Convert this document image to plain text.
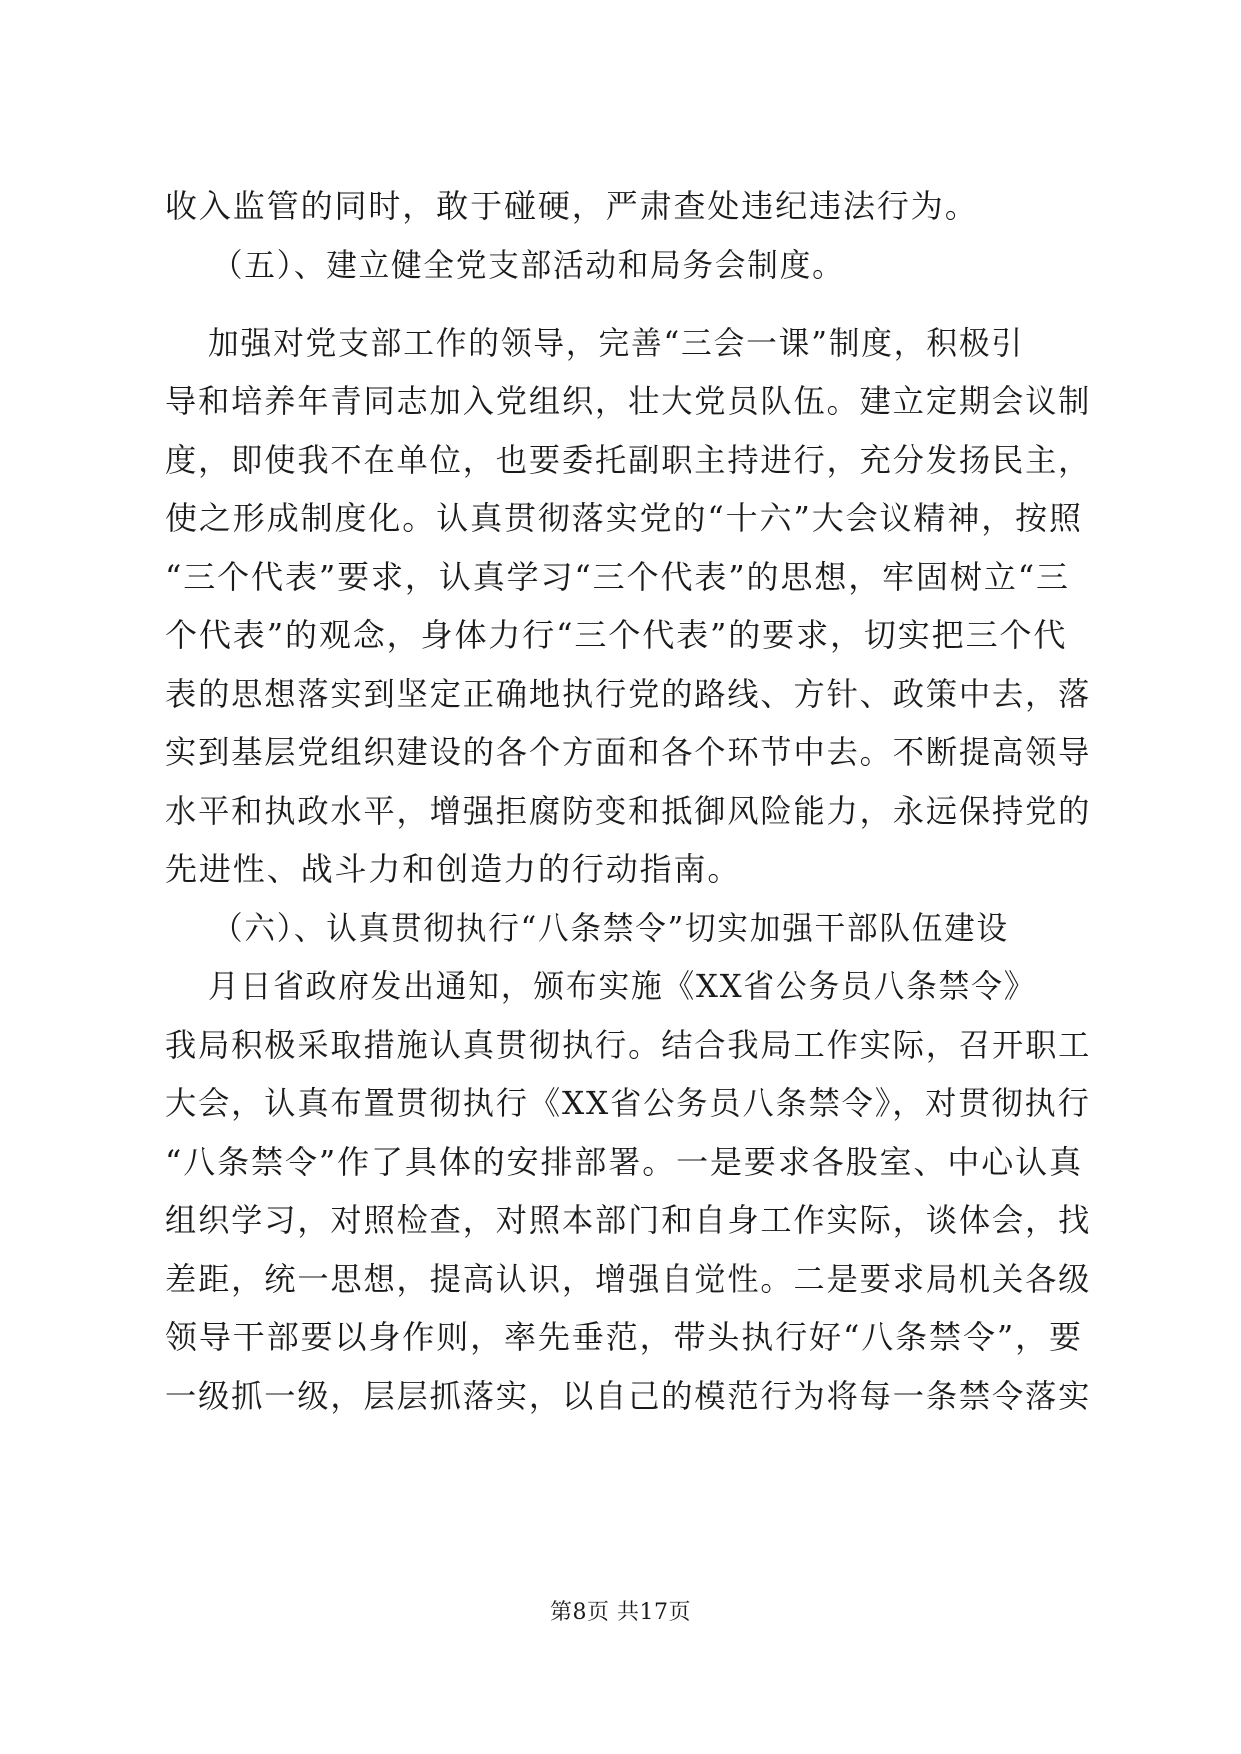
收入监管的同时，敢于碰硬，严肃查处违纪违法行为。
（五）、建立健全党支部活动和局务会制度。
加强对党支部工作的领导，完善“三会一课”制度，积极引
导和培养年青同志加入党组织，壮大党员队伍。建立定期会议制
度，即使我不在单位，也要委托副职主持进行，充分发扬民主，
使之形成制度化。认真贯彻落实党的“十六”大会议精神，按照
“三个代表”要求，认真学习“三个代表”的思想，牢固树立“三
个代表”的观念，身体力行“三个代表”的要求，切实把三个代
表的思想落实到坚定正确地执行党的路线、方针、政策中去，落
实到基层党组织建设的各个方面和各个环节中去。不断提高领导
水平和执政水平，增强拒腐防变和抵御风险能力，永远保持党的
先进性、战斗力和创造力的行动指南。
（六）、认真贯彻执行“八条禁令”切实加强干部队伍建设
月日省政府发出通知，颁布实施《XX省公务员八条禁令》
我局积极采取措施认真贯彻执行。结合我局工作实际，召开职工
大会，认真布置贯彻执行《XX省公务员八条禁令》，对贯彻执行
“八条禁令”作了具体的安排部署。一是要求各股室、中心认真
组织学习，对照检查，对照本部门和自身工作实际，谈体会，找
差距，统一思想，提高认识，增强自觉性。二是要求局机关各级
领导干部要以身作则，率先垂范，带头执行好“八条禁令”，要
一级抓一级，层层抓落实，以自己的模范行为将每一条禁令落实
第8页 共17页
